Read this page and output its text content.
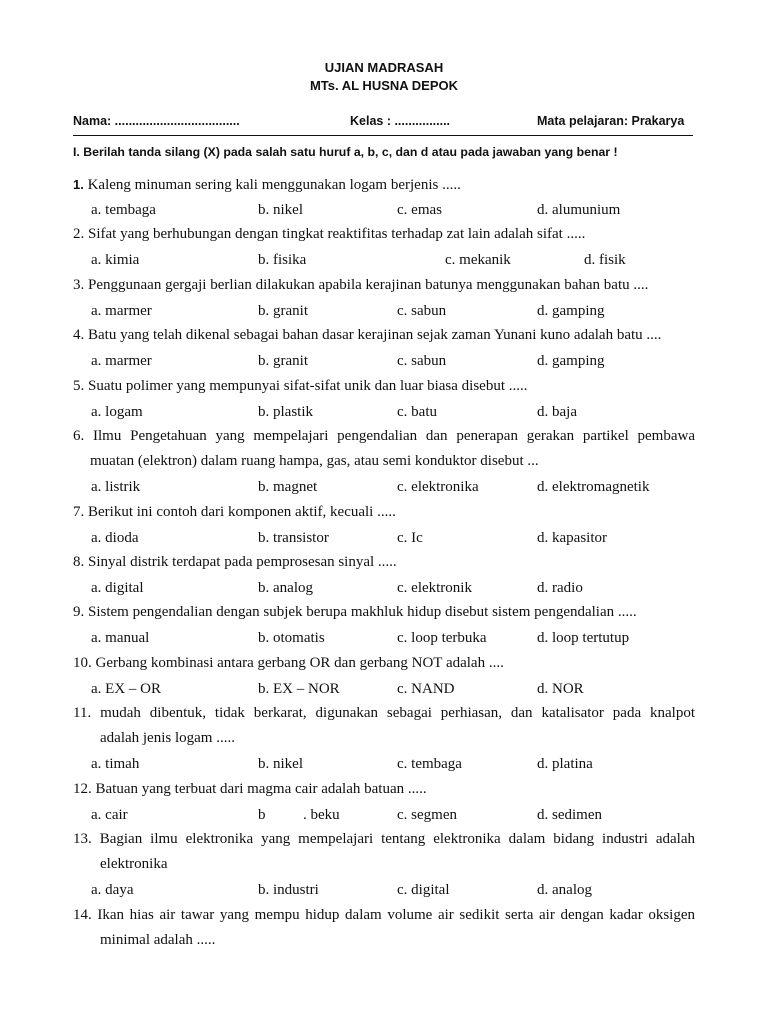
UJIAN MADRASAH
MTs. AL HUSNA DEPOK
Nama: ....................................	Kelas : ................	Mata pelajaran: Prakarya
I. Berilah tanda silang (X) pada salah satu huruf a, b, c, dan d atau pada jawaban yang benar !
1. Kaleng minuman sering kali menggunakan logam berjenis .....
a. tembaga	b. nikel	c. emas	d. alumunium
2. Sifat yang berhubungan dengan tingkat reaktifitas terhadap zat lain adalah sifat .....
a. kimia	b. fisika	c. mekanik	d. fisik
3. Penggunaan gergaji berlian dilakukan apabila kerajinan batunya menggunakan bahan batu ....
a. marmer	b. granit	c. sabun	d. gamping
4. Batu yang telah dikenal sebagai bahan dasar kerajinan sejak zaman Yunani kuno adalah batu ....
a. marmer	b. granit	c. sabun	d. gamping
5. Suatu polimer yang mempunyai sifat-sifat unik dan luar biasa disebut .....
a. logam	b. plastik	c. batu	d. baja
6. Ilmu Pengetahuan yang mempelajari pengendalian dan penerapan gerakan partikel pembawa
muatan (elektron) dalam ruang hampa, gas, atau semi konduktor disebut ...
a. listrik	b. magnet	c. elektronika	d. elektromagnetik
7. Berikut ini contoh dari komponen aktif, kecuali .....
a. dioda	b. transistor	c. Ic	d. kapasitor
8. Sinyal distrik terdapat pada pemprosesan sinyal .....
a. digital	b. analog	c. elektronik	d. radio
9. Sistem pengendalian dengan subjek berupa makhluk hidup disebut sistem pengendalian .....
a. manual	b. otomatis	c. loop terbuka	d. loop tertutup
10. Gerbang kombinasi antara gerbang OR dan gerbang NOT adalah ....
a. EX – OR	b. EX – NOR	c. NAND	d. NOR
11. mudah dibentuk, tidak berkarat, digunakan sebagai perhiasan, dan katalisator pada knalpot
adalah jenis logam .....
a. timah	b. nikel	c. tembaga	d. platina
12. Batuan yang terbuat dari magma cair adalah batuan .....
a. cair	b          . beku	c. segmen	d. sedimen
13. Bagian ilmu elektronika yang mempelajari tentang elektronika dalam bidang industri adalah
elektronika
a. daya	b. industri	c. digital	d. analog
14. Ikan hias air tawar yang mempu hidup dalam volume air sedikit serta air dengan kadar oksigen
minimal adalah .....
